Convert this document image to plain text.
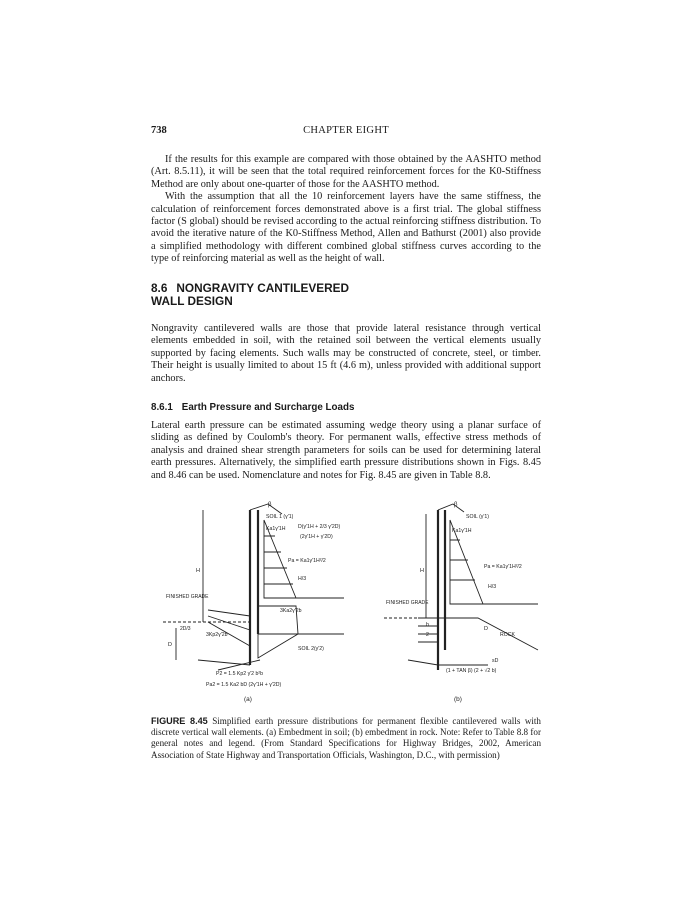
738	CHAPTER EIGHT

If the results for this example are compared with those obtained by the AASHTO method (Art. 8.5.11), it will be seen that the total required reinforcement forces for the K0-Stiffness Method are only about one-quarter of those for the AASHTO method.

With the assumption that all the 10 reinforcement layers have the same stiffness, the calculation of reinforcement forces demonstrated above is a first trial. The global stiffness factor (S global) should be revised according to the actual reinforcing stiffness distribution. To avoid the iterative nature of the K0-Stiffness Method, Allen and Bathurst (2001) also provide a simplified methodology with different combined global stiffness curves according to the type of reinforcing material as well as the height of wall.

8.6 NONGRAVITY CANTILEVERED
WALL DESIGN

Nongravity cantilevered walls are those that provide lateral resistance through vertical elements embedded in soil, with the retained soil between the vertical elements usually supported by facing elements. Such walls may be constructed of concrete, steel, or timber. Their height is usually limited to about 15 ft (4.6 m), unless provided with additional support anchors.

8.6.1 Earth Pressure and Surcharge Loads

Lateral earth pressure can be estimated assuming wedge theory using a planar surface of sliding as defined by Coulomb's theory. For permanent walls, effective stress methods of analysis and drained shear strength parameters for soils can be used for determining lateral earth pressures. Alternatively, the simplified earth pressure distributions shown in Figs. 8.45 and 8.46 can be used. Nomenclature and notes for Fig. 8.45 are given in Table 8.8.

β
SOIL 1 (γ'1)
Ka1γ'1H D(γ'1H + 2/3 γ'2D)
(2γ'1H + γ'2D)
Pa = Ka1γ'1H²/2
H
H/3
FINISHED GRADE
3Ka2γ'2b
3Kp2γ'2b
2D/3
D
SOIL 2(γ'2)
P2 = 1.5 Kp2 γ'2 b²b
Pa2 = 1.5 Ka2 bD (2γ'1H + γ'2D)
(a)
β
SOIL (γ'1)
Ka1γ'1H
Pa = Ka1γ'1H²/2
H
H/3
FINISHED GRADE
b
2
D
ROCK
sD
(1 + TAN β) (2 + √2 b)
(b)
FIGURE 8.45 Simplified earth pressure distributions for permanent flexible cantilevered walls with discrete vertical wall elements. (a) Embedment in soil; (b) embedment in rock. Note: Refer to Table 8.8 for general notes and legend. (From Standard Specifications for Highway Bridges, 2002, American Association of State Highway and Transportation Officials, Washington, D.C., with permission)
